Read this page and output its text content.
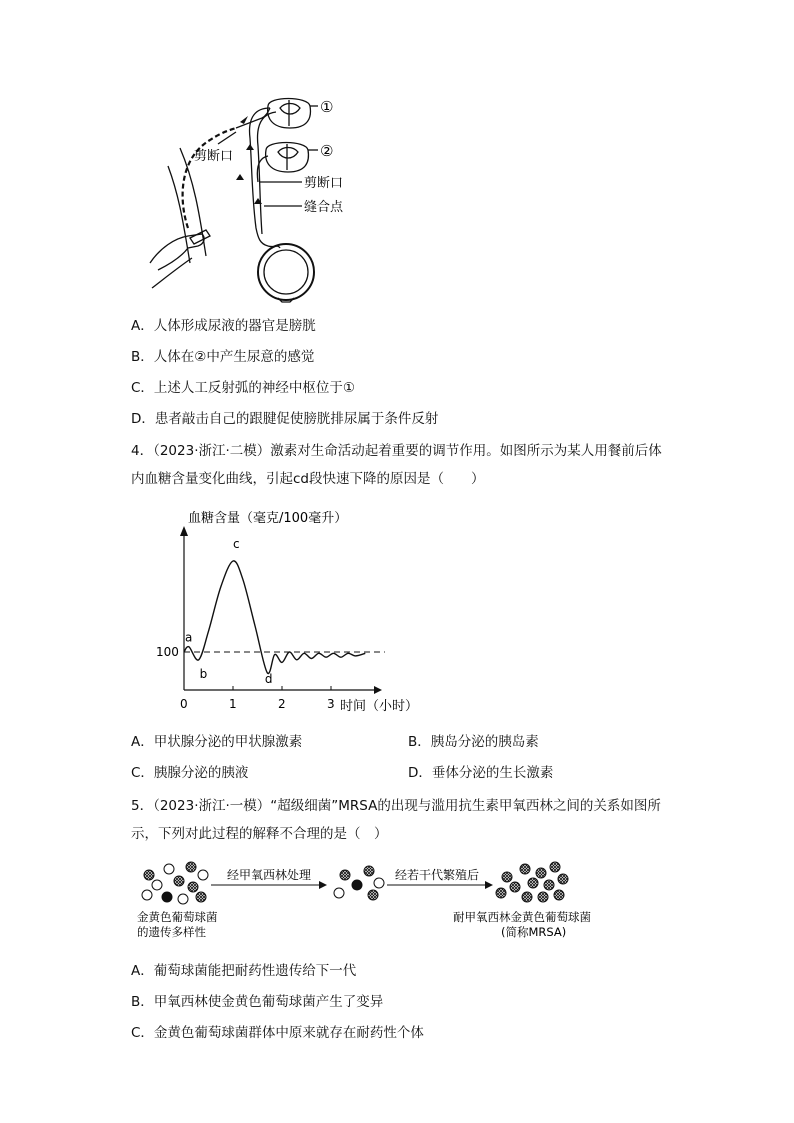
①
②
剪断口
剪断口
缝合点
A．人体形成尿液的器官是膀胱
B．人体在②中产生尿意的感觉
C．上述人工反射弧的神经中枢位于①
D．患者敲击自己的跟腱促使膀胱排尿属于条件反射
4．（2023·浙江·二模）激素对生命活动起着重要的调节作用。如图所示为某人用餐前后体内血糖含量变化曲线，引起cd段快速下降的原因是（　　）
0	1	2	3
血糖含量（毫克/100毫升）
时间（小时）
100
a
b
c
d
A．甲状腺分泌的甲状腺激素	B．胰岛分泌的胰岛素
C．胰腺分泌的胰液	D．垂体分泌的生长激素
5．（2023·浙江·一模）“超级细菌”MRSA的出现与滥用抗生素甲氧西林之间的关系如图所示，下列对此过程的解释不合理的是（　）
经甲氧西林处理	经若干代繁殖后
金黄色葡萄球菌
的遗传多样性
耐甲氧西林金黄色葡萄球菌
(简称MRSA)
A．葡萄球菌能把耐药性遗传给下一代
B．甲氧西林使金黄色葡萄球菌产生了变异
C．金黄色葡萄球菌群体中原来就存在耐药性个体
